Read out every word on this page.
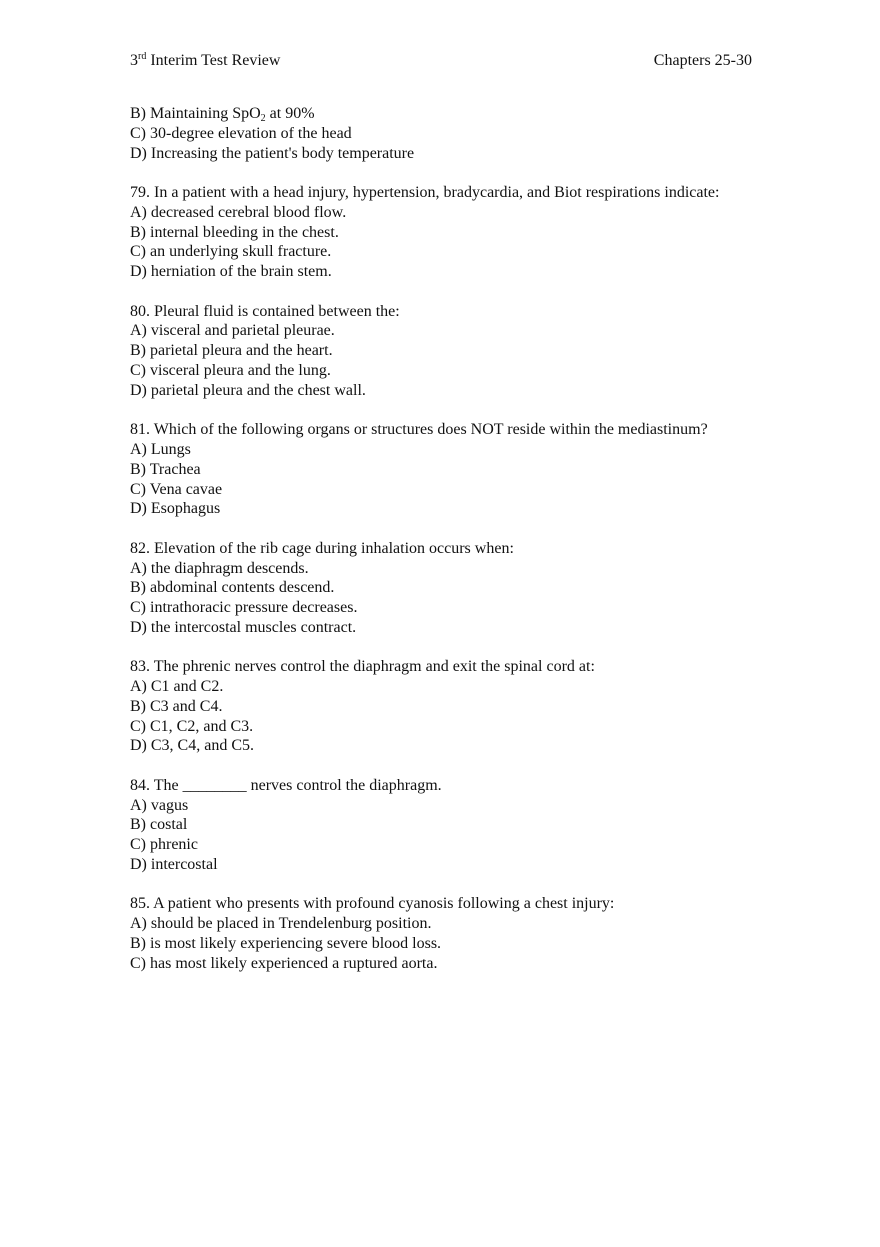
3rd Interim Test Review	Chapters 25-30
B) Maintaining SpO$_2$ at 90%
C) 30-degree elevation of the head
D) Increasing the patient's body temperature
79. In a patient with a head injury, hypertension, bradycardia, and Biot respirations indicate:
A) decreased cerebral blood flow.
B) internal bleeding in the chest.
C) an underlying skull fracture.
D) herniation of the brain stem.
80. Pleural fluid is contained between the:
A) visceral and parietal pleurae.
B) parietal pleura and the heart.
C) visceral pleura and the lung.
D) parietal pleura and the chest wall.
81. Which of the following organs or structures does NOT reside within the mediastinum?
A) Lungs
B) Trachea
C) Vena cavae
D) Esophagus
82. Elevation of the rib cage during inhalation occurs when:
A) the diaphragm descends.
B) abdominal contents descend.
C) intrathoracic pressure decreases.
D) the intercostal muscles contract.
83. The phrenic nerves control the diaphragm and exit the spinal cord at:
A) C1 and C2.
B) C3 and C4.
C) C1, C2, and C3.
D) C3, C4, and C5.
84. The ________ nerves control the diaphragm.
A) vagus
B) costal
C) phrenic
D) intercostal
85. A patient who presents with profound cyanosis following a chest injury:
A) should be placed in Trendelenburg position.
B) is most likely experiencing severe blood loss.
C) has most likely experienced a ruptured aorta.
